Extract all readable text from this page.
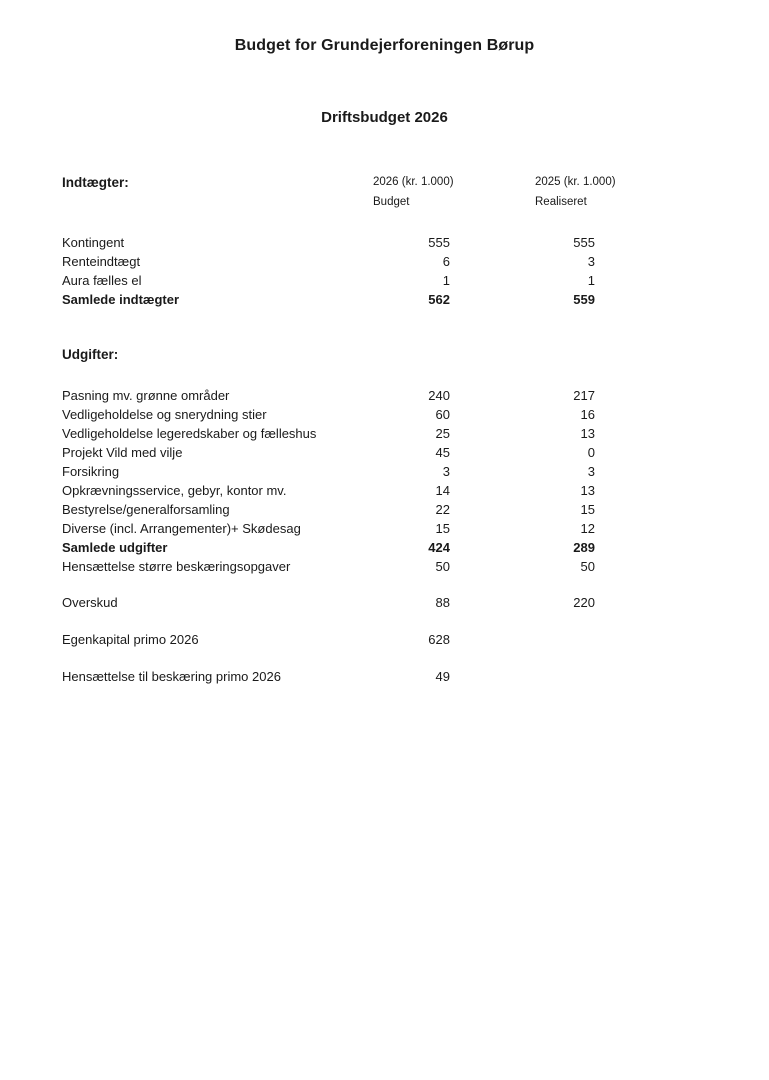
Budget for Grundejerforeningen Børup
Driftsbudget 2026
Indtægter:	2026 (kr. 1.000)	2025 (kr. 1.000)
Budget	Realiseret
Kontingent	555	555
Renteindtægt	6	3
Aura fælles el	1	1
Samlede indtægter	562	559
Udgifter:
Pasning mv. grønne områder	240	217
Vedligeholdelse og snerydning stier	60	16
Vedligeholdelse legeredskaber og fælleshus	25	13
Projekt Vild med vilje	45	0
Forsikring	3	3
Opkrævningsservice, gebyr, kontor mv.	14	13
Bestyrelse/generalforsamling	22	15
Diverse (incl. Arrangementer)+ Skødesag	15	12
Samlede udgifter	424	289
Hensættelse større beskæringsopgaver	50	50
Overskud	88	220
Egenkapital primo 2026	628
Hensættelse til beskæring primo 2026	49
